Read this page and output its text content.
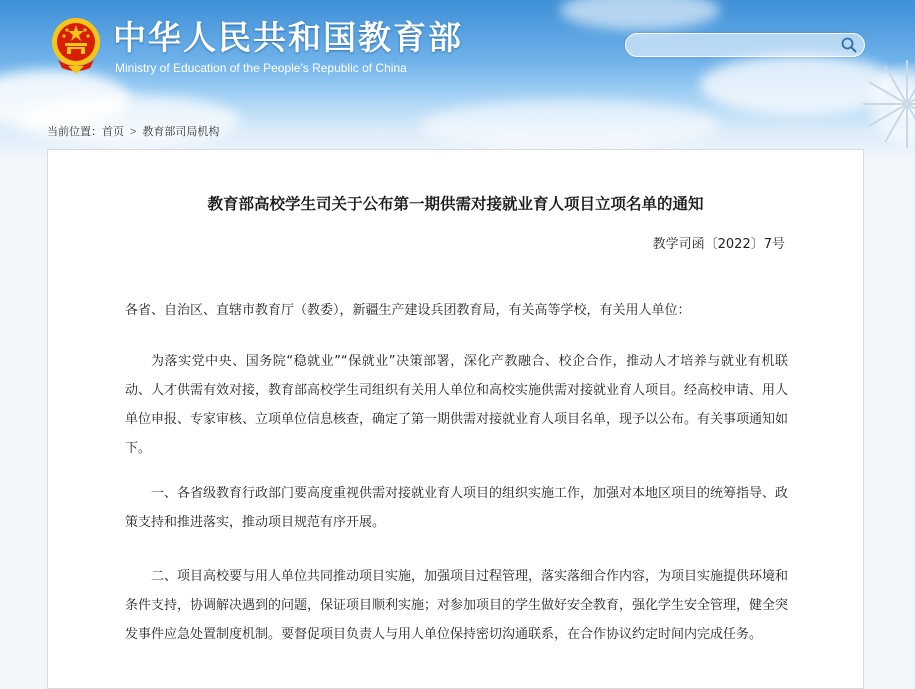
中华人民共和国教育部

Ministry of Education of the People's Republic of China

当前位置：首页 > 教育部司局机构
教育部高校学生司关于公布第一期供需对接就业育人项目立项名单的通知

教学司函〔2022〕7号

各省、自治区、直辖市教育厅（教委），新疆生产建设兵团教育局，有关高等学校，有关用人单位：

为落实党中央、国务院“稳就业”“保就业”决策部署，深化产教融合、校企合作，推动人才培养与就业有机联动、人才供需有效对接，教育部高校学生司组织有关用人单位和高校实施供需对接就业育人项目。经高校申请、用人单位申报、专家审核、立项单位信息核查，确定了第一期供需对接就业育人项目名单，现予以公布。有关事项通知如下。

一、各省级教育行政部门要高度重视供需对接就业育人项目的组织实施工作，加强对本地区项目的统筹指导、政策支持和推进落实，推动项目规范有序开展。

二、项目高校要与用人单位共同推动项目实施，加强项目过程管理，落实落细合作内容，为项目实施提供环境和条件支持，协调解决遇到的问题，保证项目顺利实施；对参加项目的学生做好安全教育，强化学生安全管理，健全突发事件应急处置制度机制。要督促项目负责人与用人单位保持密切沟通联系，在合作协议约定时间内完成任务。
